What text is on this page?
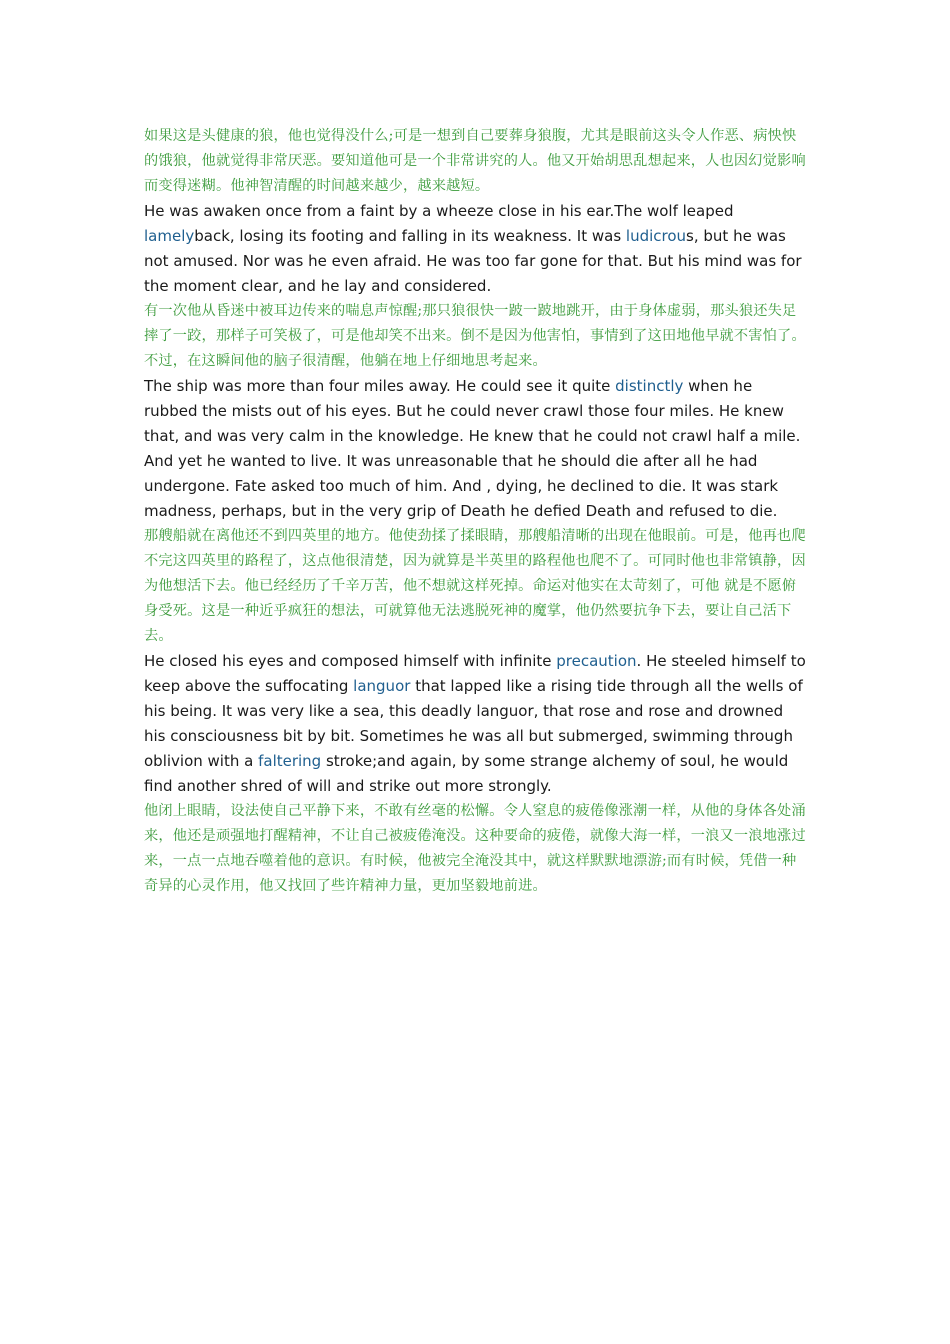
如果这是头健康的狼，他也觉得没什么;可是一想到自己要葬身狼腹，尤其是眼前这头令人作恶、病怏怏的饿狼，他就觉得非常厌恶。要知道他可是一个非常讲究的人。他又开始胡思乱想起来，人也因幻觉影响而变得迷糊。他神智清醒的时间越来越少，越来越短。

He was awaken once from a faint by a wheeze close in his ear.The wolf leaped lamelyback, losing its footing and falling in its weakness. It was ludicrous, but he was not amused. Nor was he even afraid. He was too far gone for that. But his mind was for the moment clear, and he lay and considered.

有一次他从昏迷中被耳边传来的喘息声惊醒;那只狼很快一跛一跛地跳开，由于身体虚弱，那头狼还失足摔了一跤，那样子可笑极了，可是他却笑不出来。倒不是因为他害怕，事情到了这田地他早就不害怕了。不过，在这瞬间他的脑子很清醒，他躺在地上仔细地思考起来。

The ship was more than four miles away. He could see it quite distinctly when he rubbed the mists out of his eyes. But he could never crawl those four miles. He knew that, and was very calm in the knowledge. He knew that he could not crawl half a mile. And yet he wanted to live. It was unreasonable that he should die after all he had undergone. Fate asked too much of him. And , dying, he declined to die. It was stark madness, perhaps, but in the very grip of Death he defied Death and refused to die.

那艘船就在离他还不到四英里的地方。他使劲揉了揉眼睛，那艘船清晰的出现在他眼前。可是，他再也爬不完这四英里的路程了，这点他很清楚，因为就算是半英里的路程他也爬不了。可同时他也非常镇静，因为他想活下去。他已经经历了千辛万苦，他不想就这样死掉。命运对他实在太苛刻了，可他 就是不愿俯身受死。这是一种近乎疯狂的想法，可就算他无法逃脱死神的魔掌，他仍然要抗争下去，要让自己活下去。

He closed his eyes and composed himself with infinite precaution. He steeled himself to keep above the suffocating languor that lapped like a rising tide through all the wells of his being. It was very like a sea, this deadly languor, that rose and rose and drowned his consciousness bit by bit. Sometimes he was all but submerged, swimming through oblivion with a faltering stroke;and again, by some strange alchemy of soul, he would find another shred of will and strike out more strongly.

他闭上眼睛，设法使自己平静下来，不敢有丝毫的松懈。令人窒息的疲倦像涨潮一样，从他的身体各处涌来，他还是顽强地打醒精神，不让自己被疲倦淹没。这种要命的疲倦，就像大海一样，一浪又一浪地涨过来，一点一点地吞噬着他的意识。有时候，他被完全淹没其中，就这样默默地漂游;而有时候，凭借一种奇异的心灵作用，他又找回了些许精神力量，更加坚毅地前进。
